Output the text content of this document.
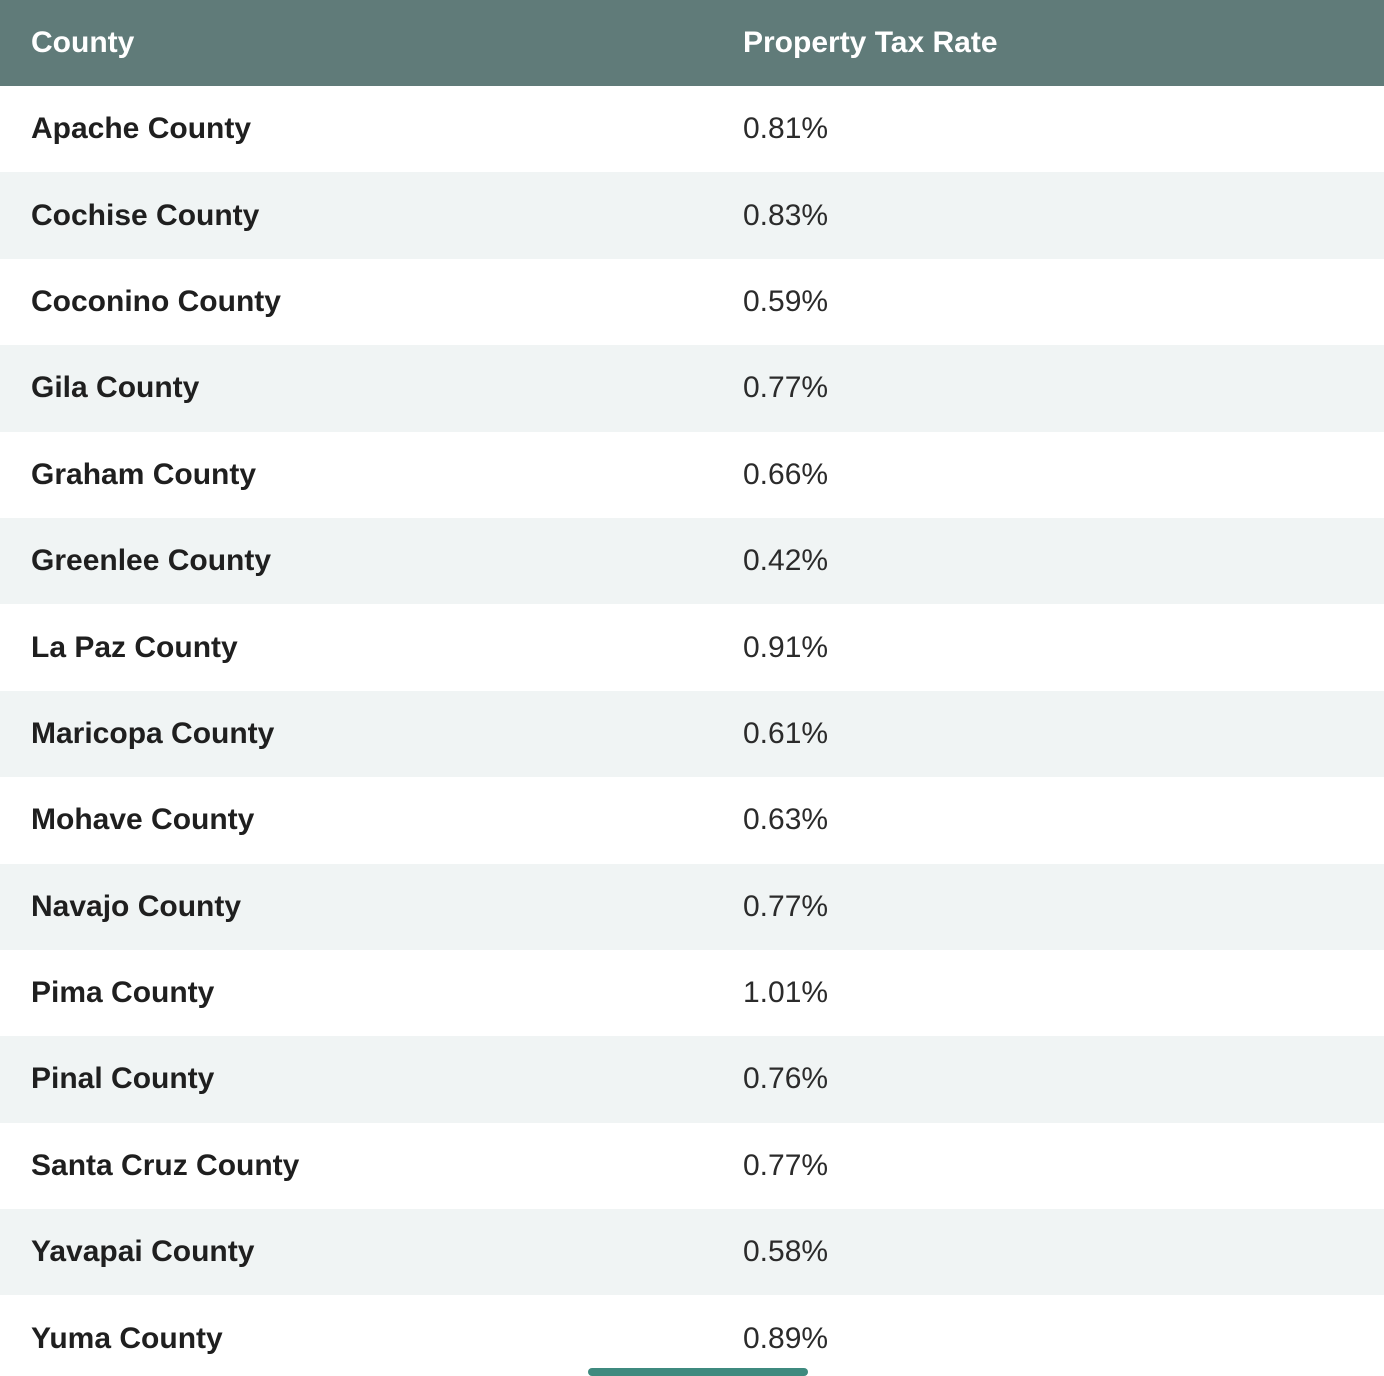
County	Property Tax Rate
Apache County	0.81%
Cochise County	0.83%
Coconino County	0.59%
Gila County	0.77%
Graham County	0.66%
Greenlee County	0.42%
La Paz County	0.91%
Maricopa County	0.61%
Mohave County	0.63%
Navajo County	0.77%
Pima County	1.01%
Pinal County	0.76%
Santa Cruz County	0.77%
Yavapai County	0.58%
Yuma County	0.89%
